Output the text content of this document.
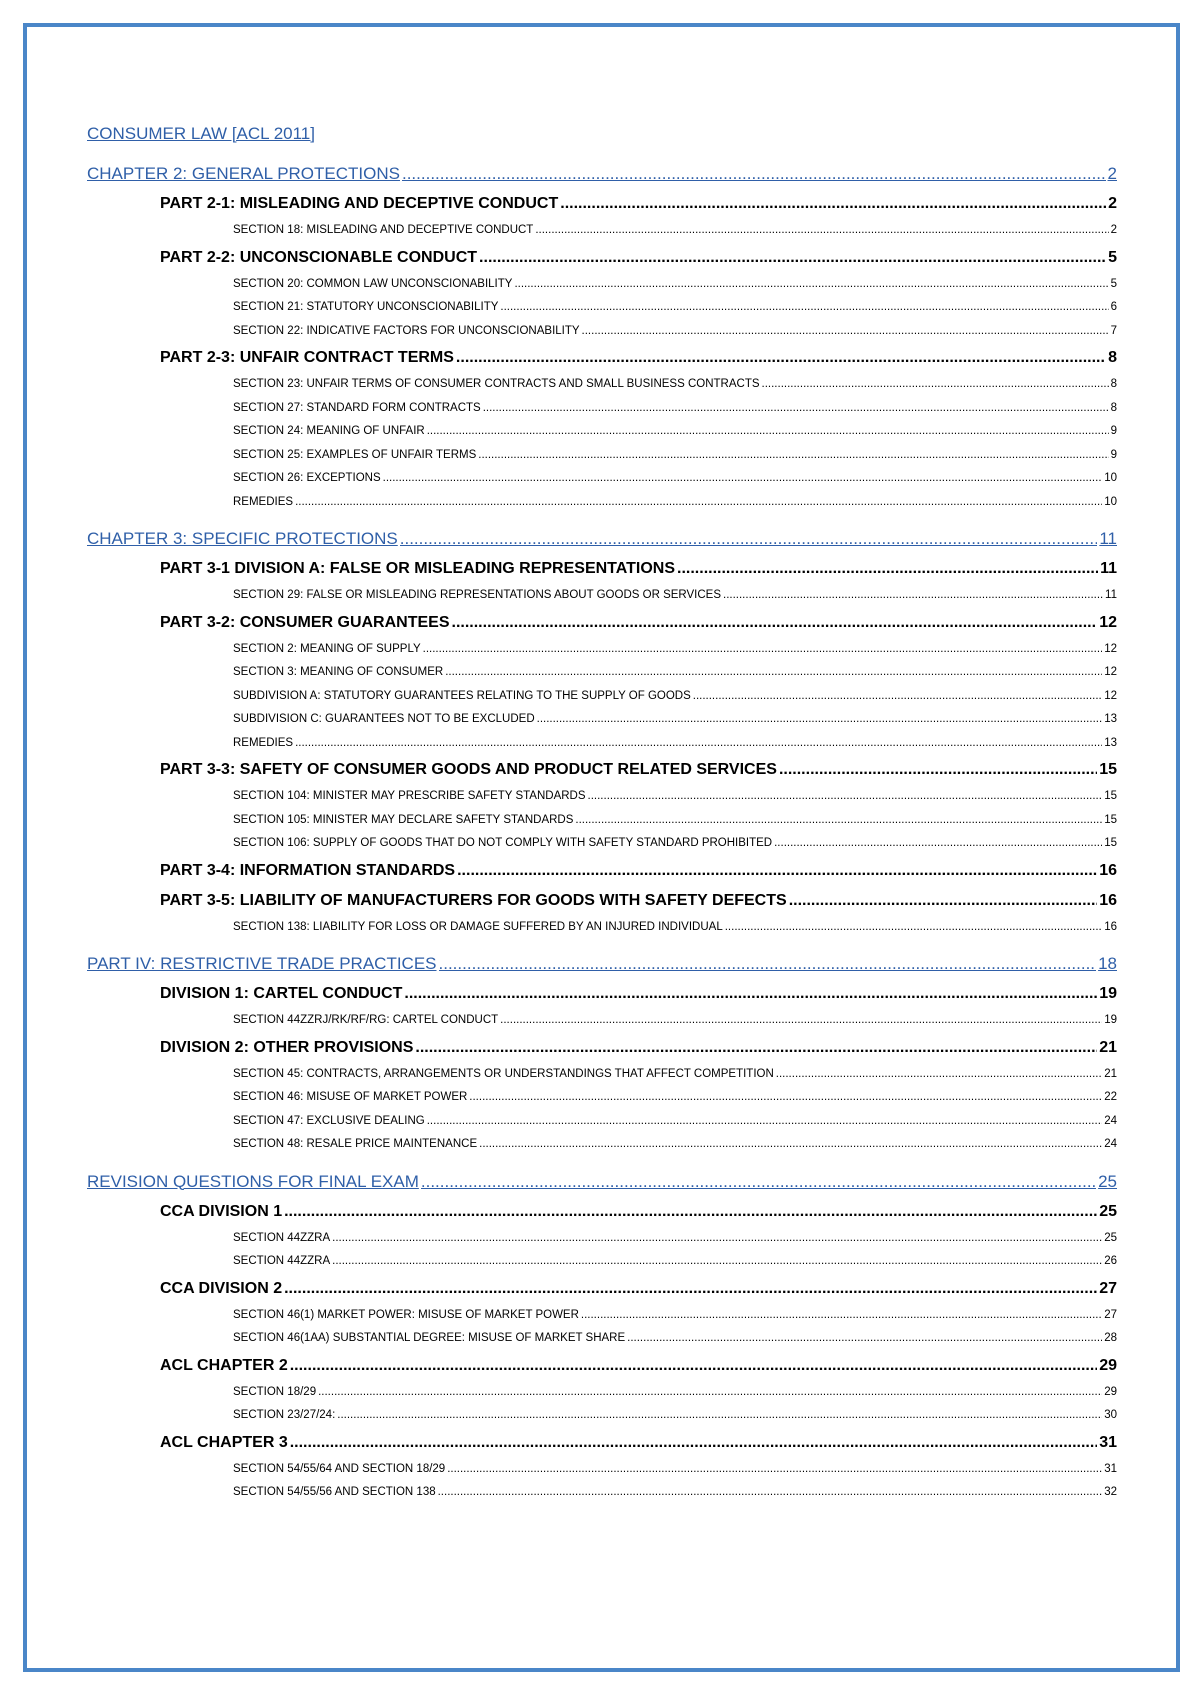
CONSUMER LAW [ACL 2011]
CHAPTER 2: GENERAL PROTECTIONS .....	2
PART 2-1: MISLEADING AND DECEPTIVE CONDUCT .....	2
SECTION 18: MISLEADING AND DECEPTIVE CONDUCT .....	2
PART 2-2: UNCONSCIONABLE CONDUCT .....	5
SECTION 20: COMMON LAW UNCONSCIONABILITY .....	5
SECTION 21: STATUTORY UNCONSCIONABILITY .....	6
SECTION 22: INDICATIVE FACTORS FOR UNCONSCIONABILITY .....	7
PART 2-3: UNFAIR CONTRACT TERMS .....	8
SECTION 23: UNFAIR TERMS OF CONSUMER CONTRACTS AND SMALL BUSINESS CONTRACTS .....	8
SECTION 27: STANDARD FORM CONTRACTS .....	8
SECTION 24: MEANING OF UNFAIR .....	9
SECTION 25: EXAMPLES OF UNFAIR TERMS .....	9
SECTION 26: EXCEPTIONS .....	10
REMEDIES .....	10
CHAPTER 3: SPECIFIC PROTECTIONS .....	11
PART 3-1 DIVISION A: FALSE OR MISLEADING REPRESENTATIONS .....	11
SECTION 29: FALSE OR MISLEADING REPRESENTATIONS ABOUT GOODS OR SERVICES .....	11
PART 3-2: CONSUMER GUARANTEES .....	12
SECTION 2: MEANING OF SUPPLY .....	12
SECTION 3: MEANING OF CONSUMER .....	12
SUBDIVISION A: STATUTORY GUARANTEES RELATING TO THE SUPPLY OF GOODS .....	12
SUBDIVISION C: GUARANTEES NOT TO BE EXCLUDED .....	13
REMEDIES .....	13
PART 3-3: SAFETY OF CONSUMER GOODS AND PRODUCT RELATED SERVICES .....	15
SECTION 104: MINISTER MAY PRESCRIBE SAFETY STANDARDS .....	15
SECTION 105: MINISTER MAY DECLARE SAFETY STANDARDS .....	15
SECTION 106: SUPPLY OF GOODS THAT DO NOT COMPLY WITH SAFETY STANDARD PROHIBITED .....	15
PART 3-4: INFORMATION STANDARDS .....	16
PART 3-5: LIABILITY OF MANUFACTURERS FOR GOODS WITH SAFETY DEFECTS .....	16
SECTION 138: LIABILITY FOR LOSS OR DAMAGE SUFFERED BY AN INJURED INDIVIDUAL .....	16
PART IV: RESTRICTIVE TRADE PRACTICES .....	18
DIVISION 1: CARTEL CONDUCT .....	19
SECTION 44ZZRJ/RK/RF/RG: CARTEL CONDUCT .....	19
DIVISION 2: OTHER PROVISIONS .....	21
SECTION 45: CONTRACTS, ARRANGEMENTS OR UNDERSTANDINGS THAT AFFECT COMPETITION .....	21
SECTION 46: MISUSE OF MARKET POWER .....	22
SECTION 47: EXCLUSIVE DEALING .....	24
SECTION 48: RESALE PRICE MAINTENANCE .....	24
REVISION QUESTIONS FOR FINAL EXAM .....	25
CCA DIVISION 1 .....	25
SECTION 44ZZRA .....	25
SECTION 44ZZRA .....	26
CCA DIVISION 2 .....	27
SECTION 46(1) MARKET POWER: MISUSE OF MARKET POWER .....	27
SECTION 46(1AA) SUBSTANTIAL DEGREE: MISUSE OF MARKET SHARE .....	28
ACL CHAPTER 2 .....	29
SECTION 18/29 .....	29
SECTION 23/27/24: .....	30
ACL CHAPTER 3 .....	31
SECTION 54/55/64 AND SECTION 18/29 .....	31
SECTION 54/55/56 AND SECTION 138 .....	32
